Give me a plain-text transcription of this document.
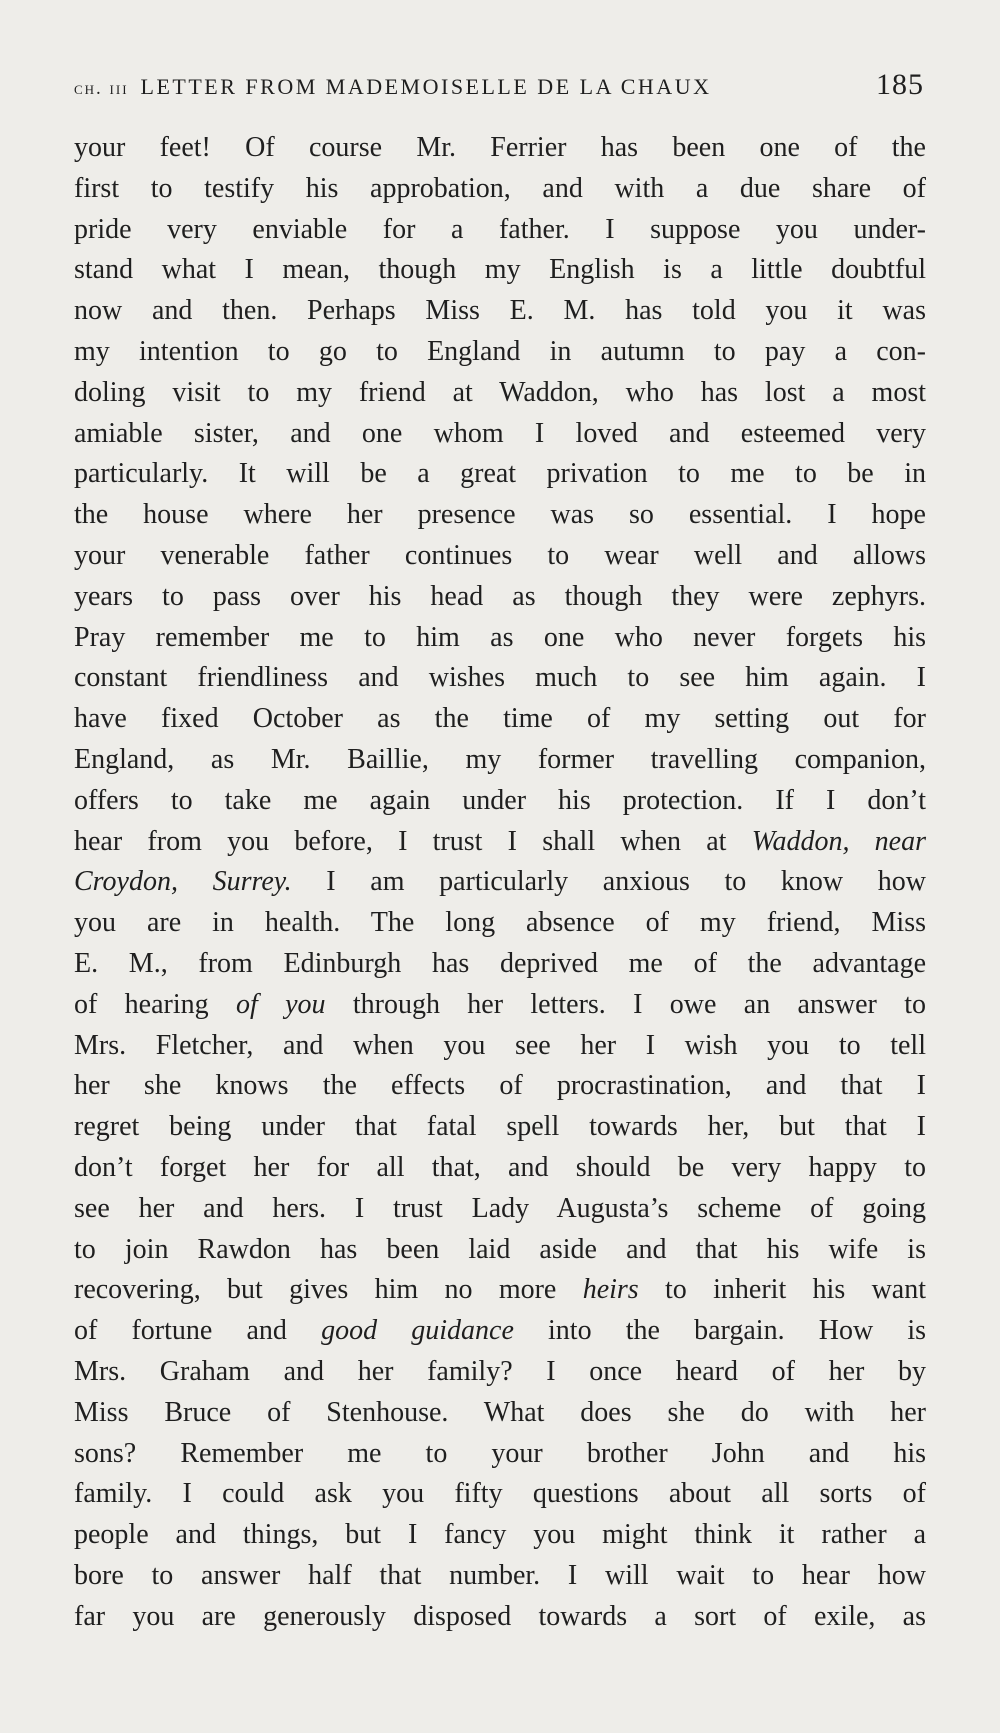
ch. iii LETTER FROM MADEMOISELLE DE LA CHAUX	185
your feet! Of course Mr. Ferrier has been one of the
first to testify his approbation, and with a due share of
pride very enviable for a father. I suppose you under-
stand what I mean, though my English is a little doubtful
now and then. Perhaps Miss E. M. has told you it was
my intention to go to England in autumn to pay a con-
doling visit to my friend at Waddon, who has lost a most
amiable sister, and one whom I loved and esteemed very
particularly. It will be a great privation to me to be in
the house where her presence was so essential. I hope
your venerable father continues to wear well and allows
years to pass over his head as though they were zephyrs.
Pray remember me to him as one who never forgets his
constant friendliness and wishes much to see him again. I
have fixed October as the time of my setting out for
England, as Mr. Baillie, my former travelling companion,
offers to take me again under his protection. If I don’t
hear from you before, I trust I shall when at Waddon, near
Croydon, Surrey. I am particularly anxious to know how
you are in health. The long absence of my friend, Miss
E. M., from Edinburgh has deprived me of the advantage
of hearing of you through her letters. I owe an answer to
Mrs. Fletcher, and when you see her I wish you to tell
her she knows the effects of procrastination, and that I
regret being under that fatal spell towards her, but that I
don’t forget her for all that, and should be very happy to
see her and hers. I trust Lady Augusta’s scheme of going
to join Rawdon has been laid aside and that his wife is
recovering, but gives him no more heirs to inherit his want
of fortune and good guidance into the bargain. How is
Mrs. Graham and her family? I once heard of her by
Miss Bruce of Stenhouse. What does she do with her
sons? Remember me to your brother John and his
family. I could ask you fifty questions about all sorts of
people and things, but I fancy you might think it rather a
bore to answer half that number. I will wait to hear how
far you are generously disposed towards a sort of exile, as
